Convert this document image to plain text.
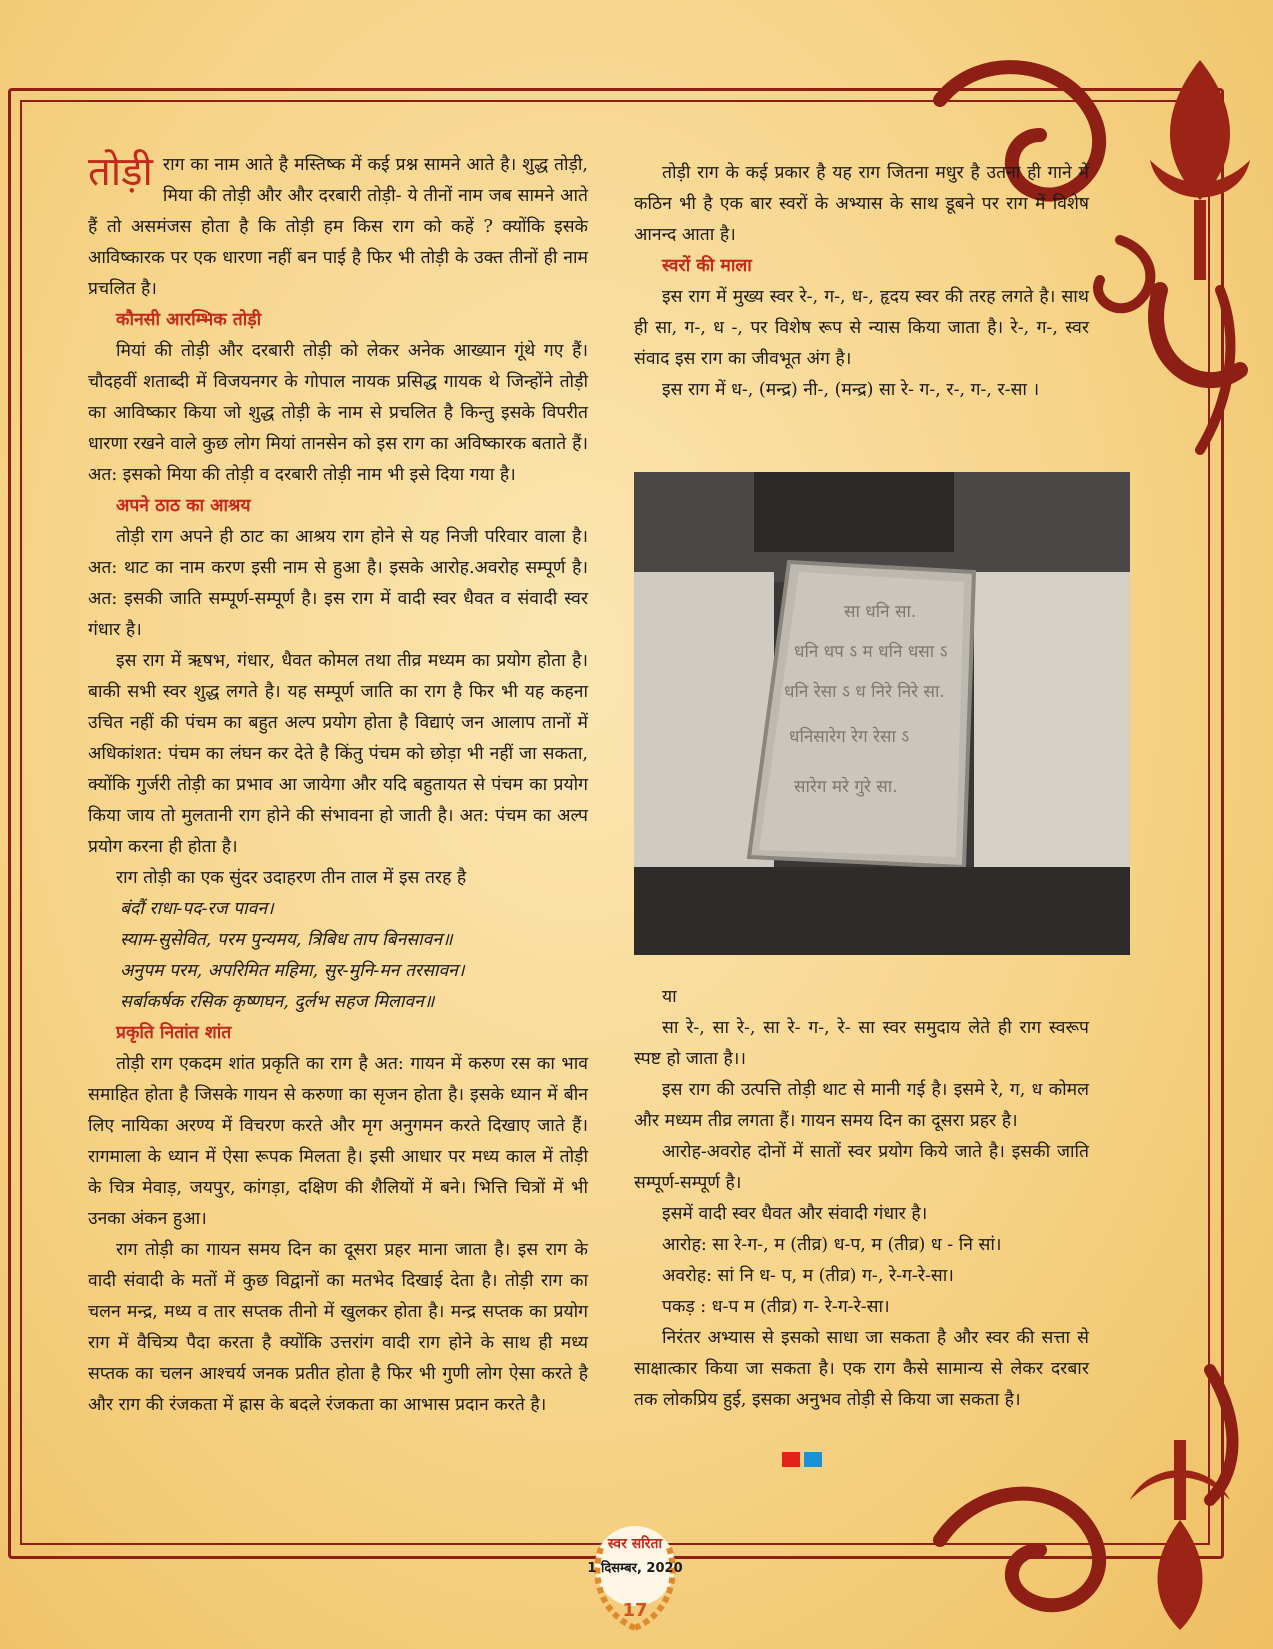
तोड़ी राग का नाम आते है मस्तिष्क में कई प्रश्न सामने आते है। शुद्ध तोड़ी, मिया की तोड़ी और और दरबारी तोड़ी- ये तीनों नाम जब सामने आते हैं तो असमंजस होता है कि तोड़ी हम किस राग को कहें ? क्योंकि इसके आविष्कारक पर एक धारणा नहीं बन पाई है फिर भी तोड़ी के उक्त तीनों ही नाम प्रचलित है।

कौनसी आरम्भिक तोड़ी

मियां की तोड़ी और दरबारी तोड़ी को लेकर अनेक आख्यान गूंथे गए हैं। चौदहवीं शताब्दी में विजयनगर के गोपाल नायक प्रसिद्ध गायक थे जिन्होंने तोड़ी का आविष्कार किया जो शुद्ध तोड़ी के नाम से प्रचलित है किन्तु इसके विपरीत धारणा रखने वाले कुछ लोग मियां तानसेन को इस राग का अविष्कारक बताते हैं। अत: इसको मिया की तोड़ी व दरबारी तोड़ी नाम भी इसे दिया गया है।

अपने ठाठ का आश्रय

तोड़ी राग अपने ही ठाट का आश्रय राग होने से यह निजी परिवार वाला है। अत: थाट का नाम करण इसी नाम से हुआ है। इसके आरोह.अवरोह सम्पूर्ण है। अत: इसकी जाति सम्पूर्ण-सम्पूर्ण है। इस राग में वादी स्वर धैवत व संवादी स्वर गंधार है।

इस राग में ऋषभ, गंधार, धैवत कोमल तथा तीव्र मध्यम का प्रयोग होता है। बाकी सभी स्वर शुद्ध लगते है। यह सम्पूर्ण जाति का राग है फिर भी यह कहना उचित नहीं की पंचम का बहुत अल्प प्रयोग होता है विद्याएं जन आलाप तानों में अधिकांशत: पंचम का लंघन कर देते है किंतु पंचम को छोड़ा भी नहीं जा सकता, क्योंकि गुर्जरी तोड़ी का प्रभाव आ जायेगा और यदि बहुतायत से पंचम का प्रयोग किया जाय तो मुलतानी राग होने की संभावना हो जाती है। अत: पंचम का अल्प प्रयोग करना ही होता है।

राग तोड़ी का एक सुंदर उदाहरण तीन ताल में इस तरह है

बंदौं राधा-पद-रज पावन।
स्याम-सुसेवित, परम पुन्यमय, त्रिबिध ताप बिनसावन॥
अनुपम परम, अपरिमित महिमा, सुर-मुनि-मन तरसावन।
सर्बाकर्षक रसिक कृष्णघन, दुर्लभ सहज मिलावन॥
प्रकृति नितांत शांत

तोड़ी राग एकदम शांत प्रकृति का राग है अत: गायन में करुण रस का भाव समाहित होता है जिसके गायन से करुणा का सृजन होता है। इसके ध्यान में बीन लिए नायिका अरण्य में विचरण करते और मृग अनुगमन करते दिखाए जाते हैं। रागमाला के ध्यान में ऐसा रूपक मिलता है। इसी आधार पर मध्य काल में तोड़ी के चित्र मेवाड़, जयपुर, कांगड़ा, दक्षिण की शैलियों में बने। भित्ति चित्रों में भी उनका अंकन हुआ।

राग तोड़ी का गायन समय दिन का दूसरा प्रहर माना जाता है। इस राग के वादी संवादी के मतों में कुछ विद्वानों का मतभेद दिखाई देता है। तोड़ी राग का चलन मन्द्र, मध्य व तार सप्तक तीनो में खुलकर होता है। मन्द्र सप्तक का प्रयोग राग में वैचित्र्य पैदा करता है क्योंकि उत्तरांग वादी राग होने के साथ ही मध्य सप्तक का चलन आश्चर्य जनक प्रतीत होता है फिर भी गुणी लोग ऐसा करते है और राग की रंजकता में ह्रास के बदले रंजकता का आभास प्रदान करते है।

तोड़ी राग के कई प्रकार है यह राग जितना मधुर है उतना ही गाने में कठिन भी है एक बार स्वरों के अभ्यास के साथ डूबने पर राग में विशेष आनन्द आता है।

स्वरों की माला

इस राग में मुख्य स्वर रे-, ग-, ध-, हृदय स्वर की तरह लगते है। साथ ही सा, ग-, ध -, पर विशेष रूप से न्यास किया जाता है। रे-, ग-, स्वर संवाद इस राग का जीवभूत अंग है।

इस राग में ध-, (मन्द्र) नी-, (मन्द्र) सा रे- ग-, र-, ग-, र-सा ।

सा धनि सा.
धनि धप ऽ म धनि धसा ऽ
धनि रेसा ऽ ध निरे निरे सा.
धनिसारेग रेग रेसा ऽ
सारेग मरे गुरे सा.

या

सा रे-, सा रे-, सा रे- ग-, रे- सा स्वर समुदाय लेते ही राग स्वरूप स्पष्ट हो जाता है।।

इस राग की उत्पत्ति तोड़ी थाट से मानी गई है। इसमे रे, ग, ध कोमल और मध्यम तीव्र लगता हैं। गायन समय दिन का दूसरा प्रहर है।

आरोह-अवरोह दोनों में सातों स्वर प्रयोग किये जाते है। इसकी जाति सम्पूर्ण-सम्पूर्ण है।

इसमें वादी स्वर धैवत और संवादी गंधार है।

आरोह: सा रे-ग-, म (तीव्र) ध-प, म (तीव्र) ध - नि सां।

अवरोह: सां नि ध- प, म (तीव्र) ग-, रे-ग-रे-सा।

पकड़ : ध-प म (तीव्र) ग- रे-ग-रे-सा।

निरंतर अभ्यास से इसको साधा जा सकता है और स्वर की सत्ता से साक्षात्कार किया जा सकता है। एक राग कैसे सामान्य से लेकर दरबार तक लोकप्रिय हुई, इसका अनुभव तोड़ी से किया जा सकता है।

स्वर सरिता
1 दिसम्बर, 2020
17
